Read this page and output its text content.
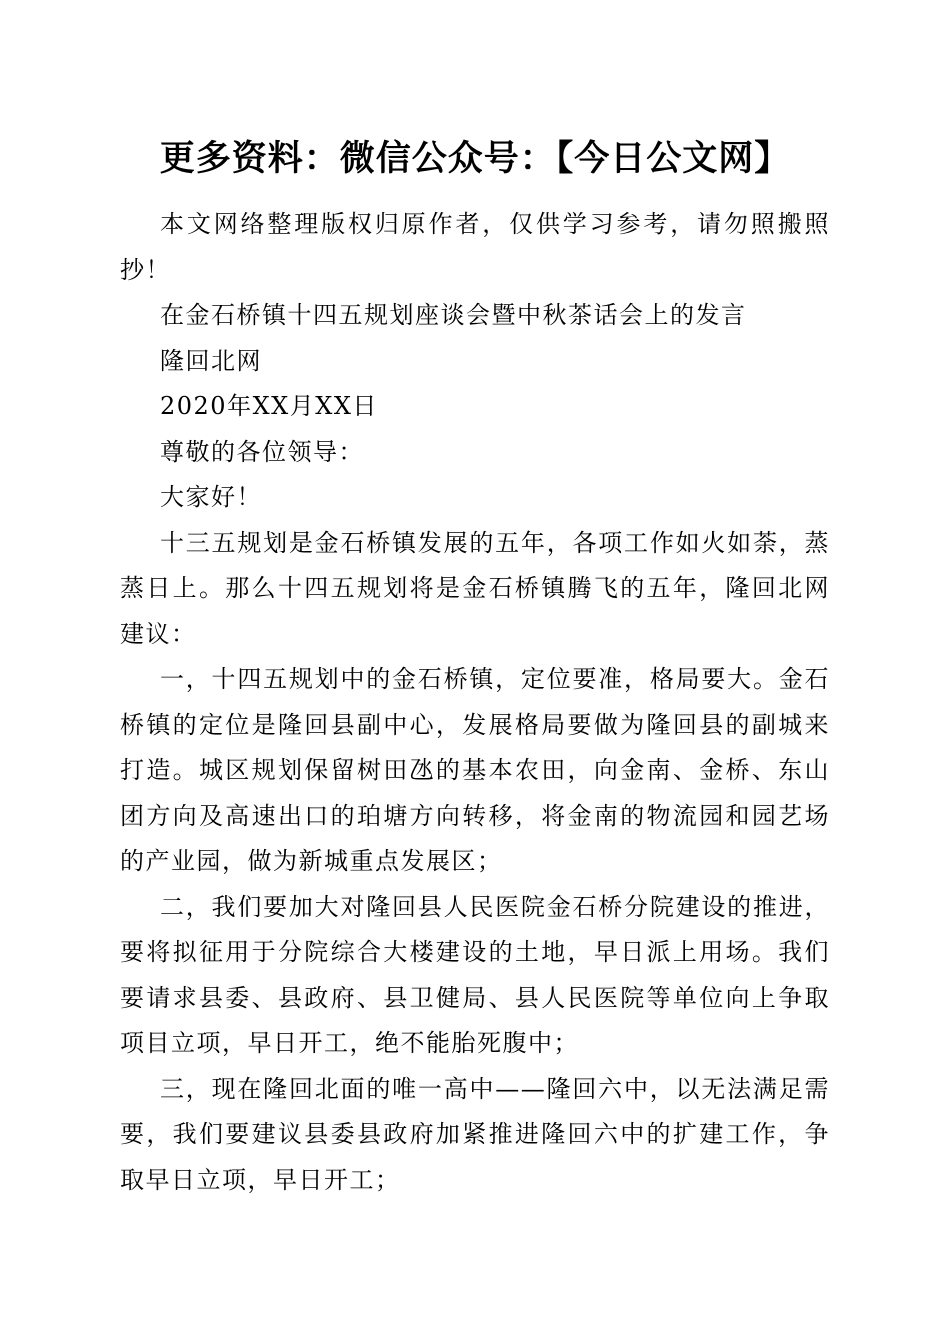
更多资料：微信公众号：【今日公文网】

本文网络整理版权归原作者，仅供学习参考，请勿照搬照抄！

在金石桥镇十四五规划座谈会暨中秋茶话会上的发言

隆回北网

2020年XX月XX日

尊敬的各位领导：

大家好！

十三五规划是金石桥镇发展的五年，各项工作如火如荼，蒸蒸日上。那么十四五规划将是金石桥镇腾飞的五年，隆回北网建议：

一，十四五规划中的金石桥镇，定位要准，格局要大。金石桥镇的定位是隆回县副中心，发展格局要做为隆回县的副城来打造。城区规划保留树田氹的基本农田，向金南、金桥、东山团方向及高速出口的珀塘方向转移，将金南的物流园和园艺场的产业园，做为新城重点发展区；

二，我们要加大对隆回县人民医院金石桥分院建设的推进，要将拟征用于分院综合大楼建设的土地，早日派上用场。我们要请求县委、县政府、县卫健局、县人民医院等单位向上争取项目立项，早日开工，绝不能胎死腹中；

三，现在隆回北面的唯一高中——隆回六中，以无法满足需要，我们要建议县委县政府加紧推进隆回六中的扩建工作，争取早日立项，早日开工；
